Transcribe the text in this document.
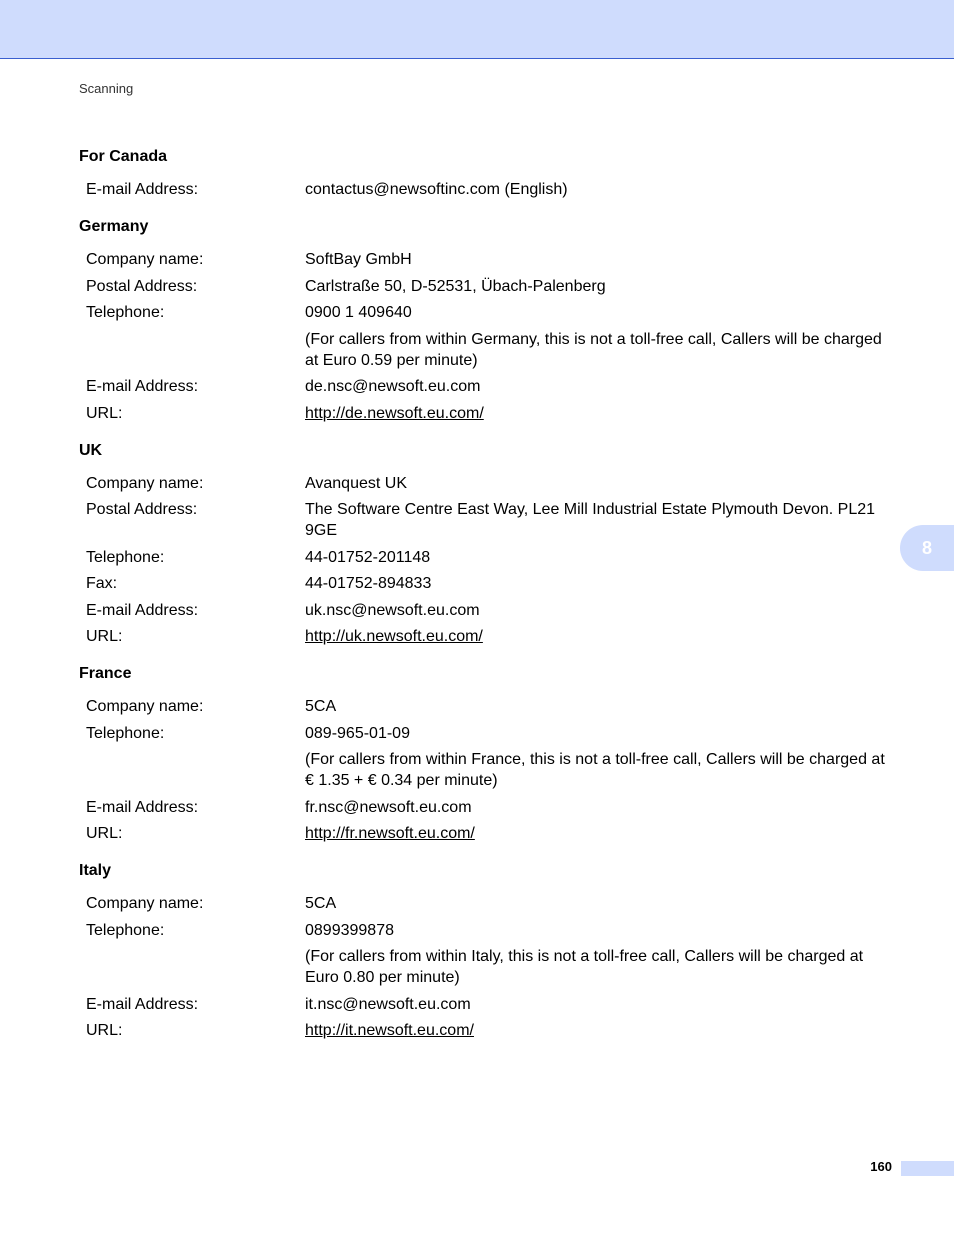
Scanning
For Canada
E-mail Address:	contactus@newsoftinc.com (English)
Germany
Company name:	SoftBay GmbH
Postal Address:	Carlstraße 50, D-52531, Übach-Palenberg
Telephone:	0900 1 409640
(For callers from within Germany, this is not a toll-free call, Callers will be charged at Euro 0.59 per minute)
E-mail Address:	de.nsc@newsoft.eu.com
URL:	http://de.newsoft.eu.com/
UK
Company name:	Avanquest UK
Postal Address:	The Software Centre East Way, Lee Mill Industrial Estate Plymouth Devon. PL21 9GE
Telephone:	44-01752-201148
Fax:	44-01752-894833
E-mail Address:	uk.nsc@newsoft.eu.com
URL:	http://uk.newsoft.eu.com/
France
Company name:	5CA
Telephone:	089-965-01-09
(For callers from within France, this is not a toll-free call, Callers will be charged at € 1.35 + € 0.34 per minute)
E-mail Address:	fr.nsc@newsoft.eu.com
URL:	http://fr.newsoft.eu.com/
Italy
Company name:	5CA
Telephone:	0899399878
(For callers from within Italy, this is not a toll-free call, Callers will be charged at Euro 0.80 per minute)
E-mail Address:	it.nsc@newsoft.eu.com
URL:	http://it.newsoft.eu.com/
8
160
